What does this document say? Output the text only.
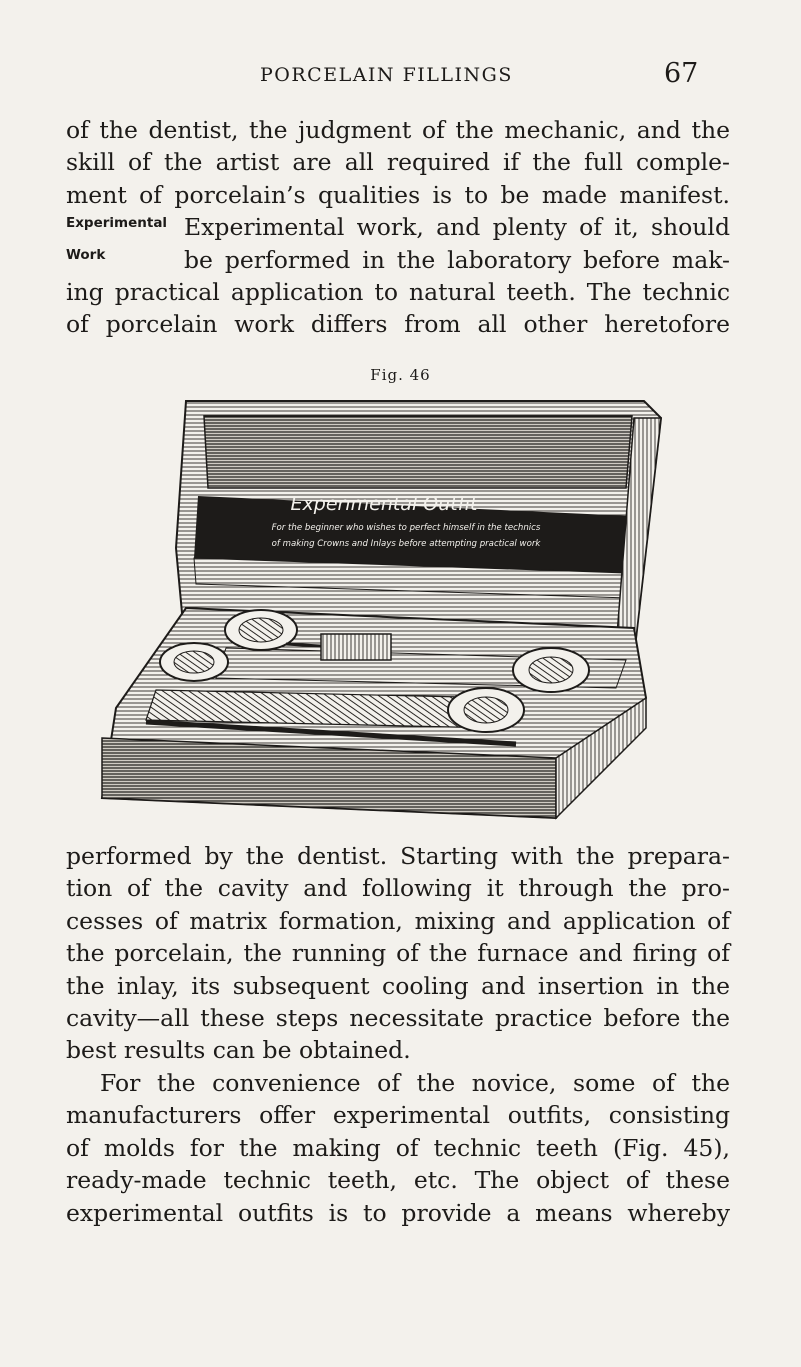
PORCELAIN FILLINGS	67
of the dentist, the judgment of the mechanic, and the
skill of the artist are all required if the full comple-
ment of porcelain’s qualities is to be made manifest.
Experimental work, and plenty of it, should
be performed in the laboratory before mak-
ing practical application to natural teeth. The technic
of porcelain work differs from all other heretofore
Experimental
Work
Fig. 46
Experimental Outfit
For the beginner who wishes to perfect himself in the technics
of making Crowns and Inlays before attempting practical work
performed by the dentist. Starting with the prepara-
tion of the cavity and following it through the pro-
cesses of matrix formation, mixing and application of
the porcelain, the running of the furnace and firing of
the inlay, its subsequent cooling and insertion in the
cavity—all these steps necessitate practice before the
best results can be obtained.
For the convenience of the novice, some of the
manufacturers offer experimental outfits, consisting
of molds for the making of technic teeth (Fig. 45),
ready-made technic teeth, etc. The object of these
experimental outfits is to provide a means whereby
